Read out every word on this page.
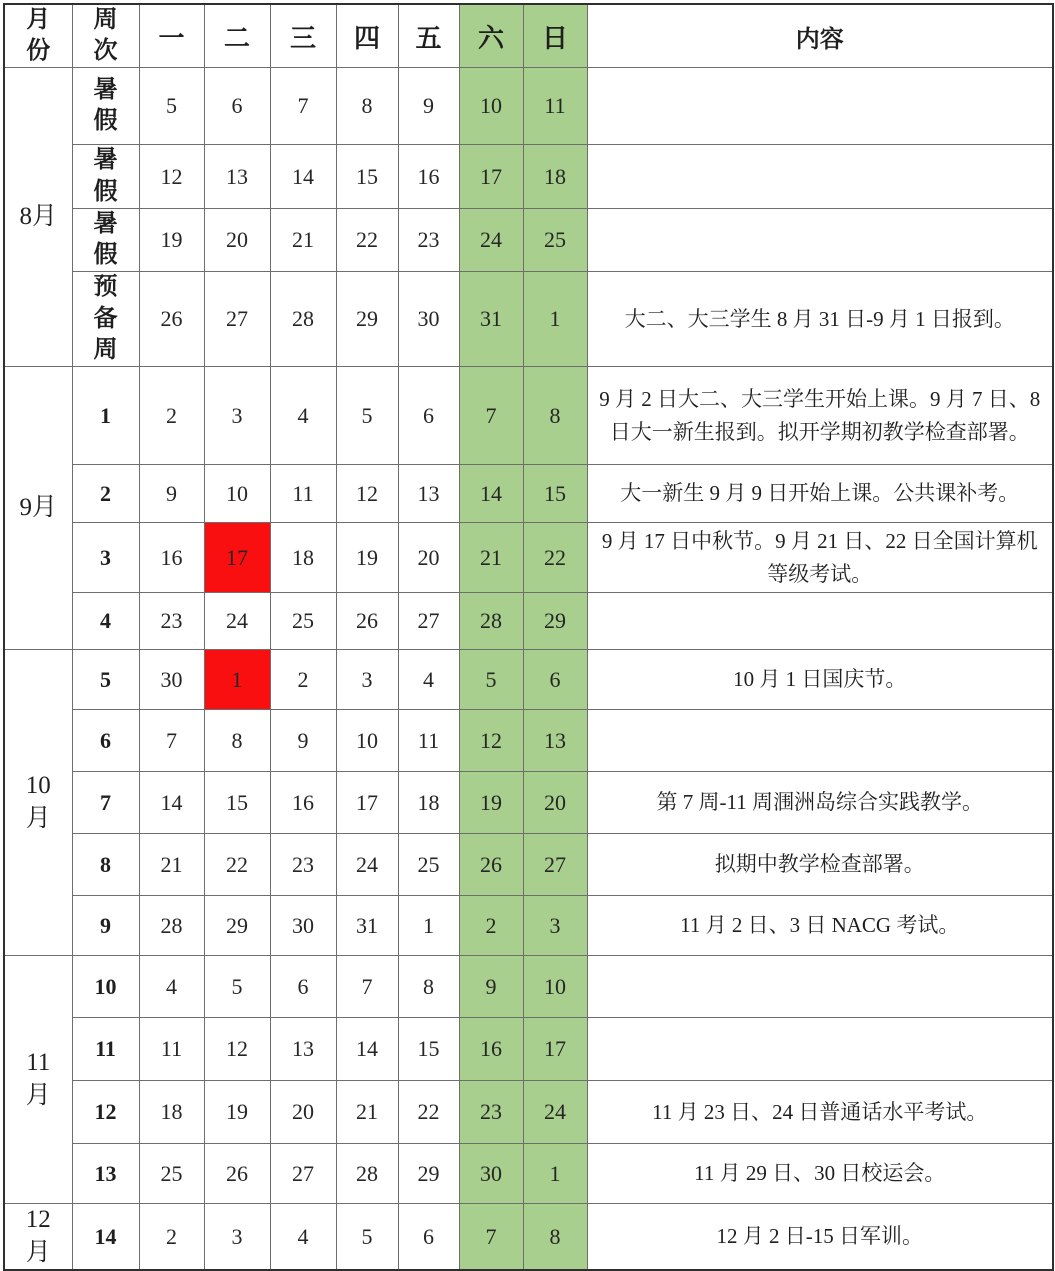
月份	周次	一	二	三	四	五	六	日	内容
8月	暑假	5	6	7	8	9	10	11	
	暑假	12	13	14	15	16	17	18	
	暑假	19	20	21	22	23	24	25	
	预备周	26	27	28	29	30	31	1	大二、大三学生 8 月 31 日-9 月 1 日报到。
9月	1	2	3	4	5	6	7	8	9 月 2 日大二、大三学生开始上课。9 月 7 日、8 日大一新生报到。拟开学期初教学检查部署。
	2	9	10	11	12	13	14	15	大一新生 9 月 9 日开始上课。公共课补考。
	3	16	17	18	19	20	21	22	9 月 17 日中秋节。9 月 21 日、22 日全国计算机等级考试。
	4	23	24	25	26	27	28	29	
10月	5	30	1	2	3	4	5	6	10 月 1 日国庆节。
	6	7	8	9	10	11	12	13	
	7	14	15	16	17	18	19	20	第 7 周-11 周涠洲岛综合实践教学。
	8	21	22	23	24	25	26	27	拟期中教学检查部署。
	9	28	29	30	31	1	2	3	11 月 2 日、3 日 NACG 考试。
11月	10	4	5	6	7	8	9	10	
	11	11	12	13	14	15	16	17	
	12	18	19	20	21	22	23	24	11 月 23 日、24 日普通话水平考试。
	13	25	26	27	28	29	30	1	11 月 29 日、30 日校运会。
12月	14	2	3	4	5	6	7	8	12 月 2 日-15 日军训。
